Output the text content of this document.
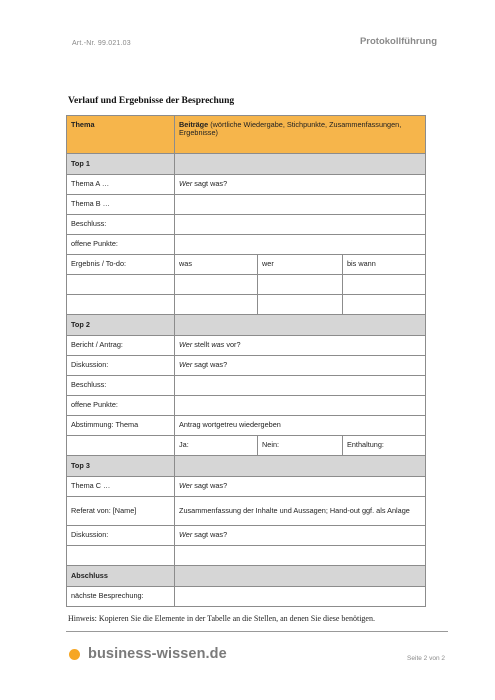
Art.-Nr. 99.021.03	Protokollführung
Verlauf und Ergebnisse der Besprechung
Thema	Beiträge (wörtliche Wiedergabe, Stichpunkte, Zusammenfassungen, Ergebnisse)		
Top 1			
Thema A …	Wer sagt was?		
Thema B …			
Beschluss:			
offene Punkte:			
Ergebnis / To-do:	was	wer	bis wann

Top 2			
Bericht / Antrag:	Wer stellt was vor?		
Diskussion:	Wer sagt was?		
Beschluss:			
offene Punkte:			
Abstimmung: Thema	Antrag wortgetreu wiedergeben		
	Ja:	Nein:	Enthaltung:
Top 3			
Thema C …	Wer sagt was?		
Referat von: [Name]	Zusammenfassung der Inhalte und Aussagen; Hand-out ggf. als Anlage		
Diskussion:	Wer sagt was?		

Abschluss			
nächste Besprechung:			
Hinweis: Kopieren Sie die Elemente in der Tabelle an die Stellen, an denen Sie diese benötigen.
business-wissen.de	Seite 2 von 2
